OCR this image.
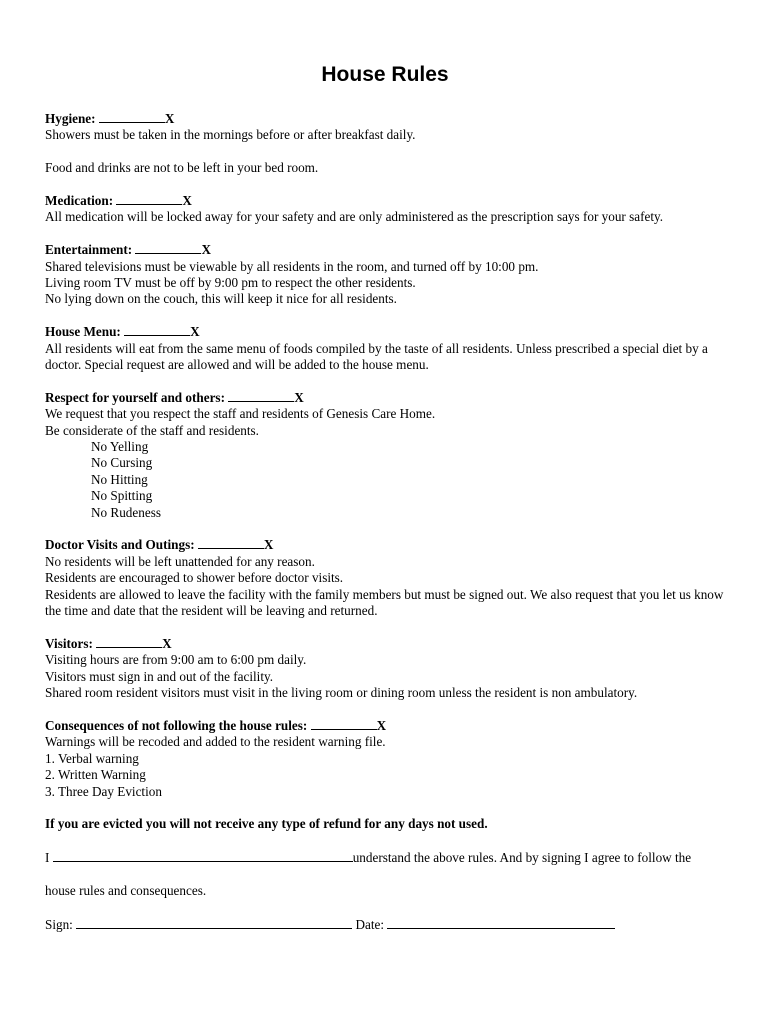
House Rules

Hygiene:	X

Showers must be taken in the mornings before or after breakfast daily.

Food and drinks are not to be left in your bed room.

Medication:	X

All medication will be locked away for your safety and are only administered as the prescription says for your safety.

Entertainment:	X

Shared televisions must be viewable by all residents in the room, and turned off by 10:00 pm.

Living room TV must be off by 9:00 pm to respect the other residents.

No lying down on the couch, this will keep it nice for all residents.

House Menu:	X

All residents will eat from the same menu of foods compiled by the taste of all residents. Unless prescribed a special diet by a doctor. Special request are allowed and will be added to the house menu.

Respect for yourself and others:	X

We request that you respect the staff and residents of Genesis Care Home.

Be considerate of the staff and residents.

No Yelling

No Cursing

No Hitting

No Spitting

No Rudeness

Doctor Visits and Outings:	X

No residents will be left unattended for any reason.

Residents are encouraged to shower before doctor visits.

Residents are allowed to leave the facility with the family members but must be signed out. We also request that you let us know the time and date that the resident will be leaving and returned.

Visitors:	X

Visiting hours are from 9:00 am to 6:00 pm daily.

Visitors must sign in and out of the facility.

Shared room resident visitors must visit in the living room or dining room unless the resident is non ambulatory.

Consequences of not following the house rules:	X

Warnings will be recoded and added to the resident warning file.

1. Verbal warning

2. Written Warning

3. Three Day Eviction

If you are evicted you will not receive any type of refund for any days not used.

I	understand the above rules. And by signing I agree to follow the

house rules and consequences.

Sign:	Date:
